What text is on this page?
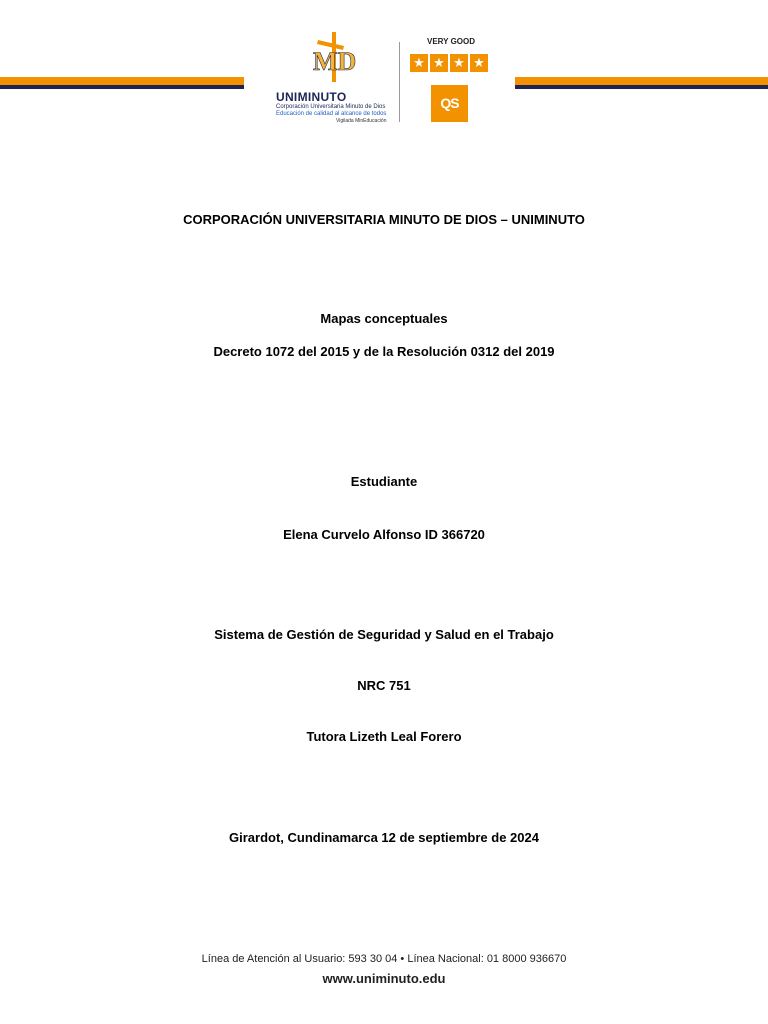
MD
UNIMINUTO
Corporación Universitaria Minuto de Dios
Educación de calidad al alcance de todos
Vigilada MinEducación
VERY GOOD
★ ★ ★ ★
QS
CORPORACIÓN UNIVERSITARIA MINUTO DE DIOS – UNIMINUTO
Mapas conceptuales
Decreto 1072 del 2015 y de la Resolución 0312 del 2019
Estudiante
Elena Curvelo Alfonso ID 366720
Sistema de Gestión de Seguridad y Salud en el Trabajo
NRC 751
Tutora Lizeth Leal Forero
Girardot, Cundinamarca 12 de septiembre de 2024
Línea de Atención al Usuario: 593 30 04 • Línea Nacional: 01 8000 936670
www.uniminuto.edu
